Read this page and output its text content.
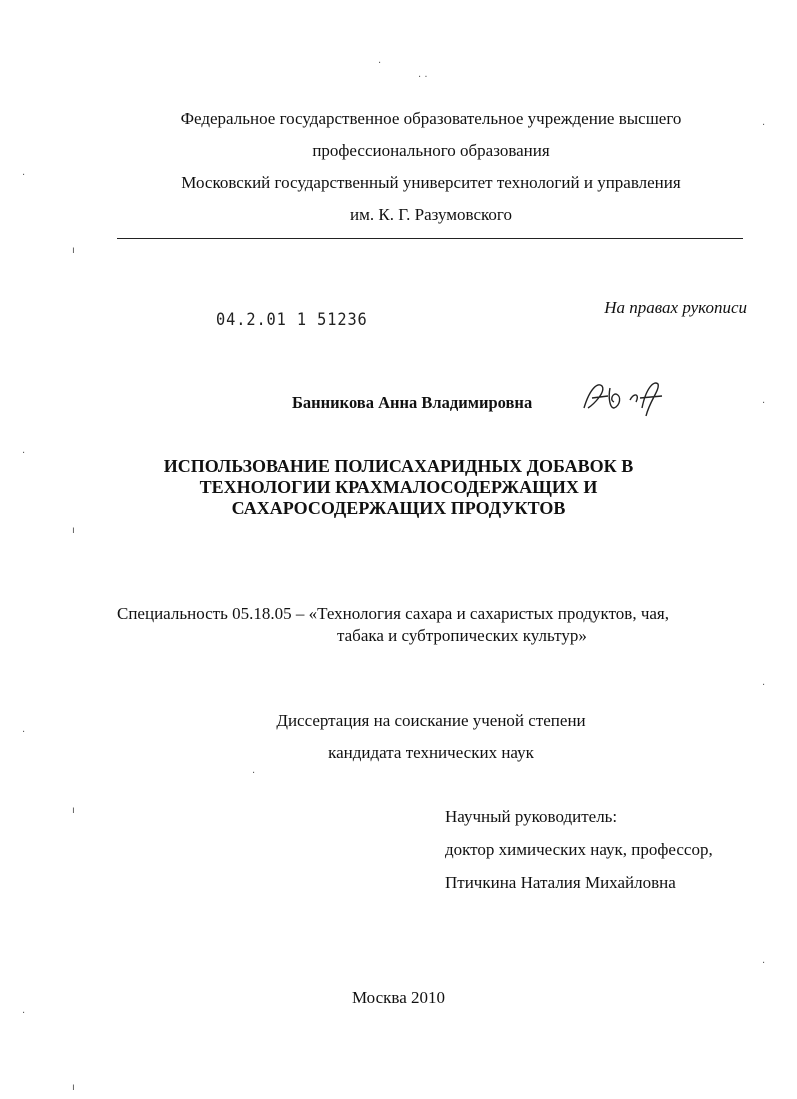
Федеральное государственное образовательное учреждение высшего
профессионального образования
Московский государственный университет технологий и управления
им. К. Г. Разумовского
04.2.01 1 51236
На правах рукописи
Банникова Анна Владимировна
ИСПОЛЬЗОВАНИЕ ПОЛИСАХАРИДНЫХ ДОБАВОК В
ТЕХНОЛОГИИ КРАХМАЛОСОДЕРЖАЩИХ И
САХАРОСОДЕРЖАЩИХ ПРОДУКТОВ
Специальность 05.18.05 – «Технология сахара и сахаристых продуктов, чая,
табака и субтропических культур»
Диссертация на соискание ученой степени
кандидата технических наук
Научный руководитель:
доктор химических наук, профессор,
Птичкина Наталия Михайловна
Москва 2010
·
· ·
ı
ı
ı
ı
·
·
·
·
·
·
·
·
·
